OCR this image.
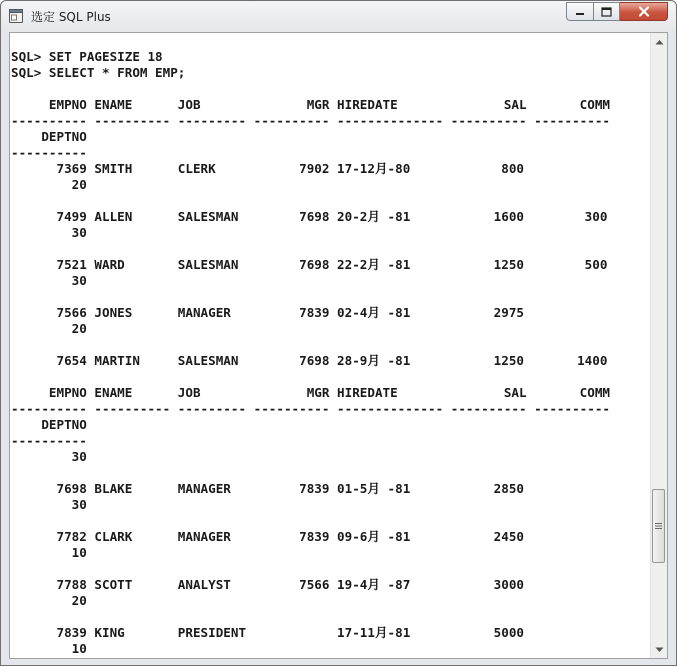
选定 SQL Plus
SQL> SET PAGESIZE 18
SQL> SELECT * FROM EMP;

EMPNO ENAME      JOB              MGR HIREDATE              SAL       COMM
---------- ---------- --------- ---------- -------------- ---------- ----------
DEPTNO
----------
7369 SMITH      CLERK           7902 17-12月-80            800
20

7499 ALLEN      SALESMAN        7698 20-2月 -81           1600        300
30

7521 WARD       SALESMAN        7698 22-2月 -81           1250        500
30

7566 JONES      MANAGER         7839 02-4月 -81           2975
20

7654 MARTIN     SALESMAN        7698 28-9月 -81           1250       1400

EMPNO ENAME      JOB              MGR HIREDATE              SAL       COMM
---------- ---------- --------- ---------- -------------- ---------- ----------
DEPTNO
----------
30

7698 BLAKE      MANAGER         7839 01-5月 -81           2850
30

7782 CLARK      MANAGER         7839 09-6月 -81           2450
10

7788 SCOTT      ANALYST         7566 19-4月 -87           3000
20

7839 KING       PRESIDENT            17-11月-81           5000
10
